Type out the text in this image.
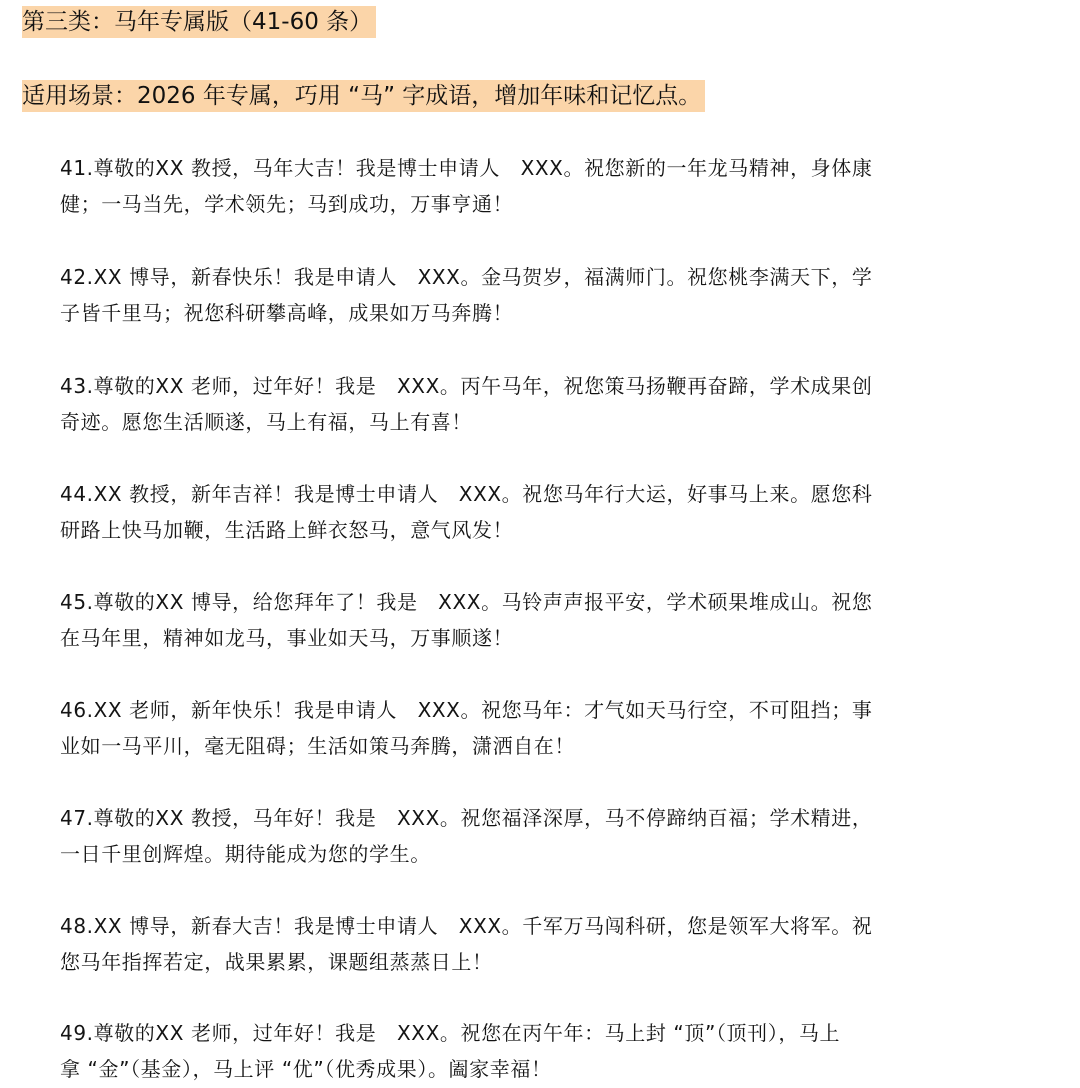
第三类：马年专属版（41-60 条）
适用场景：2026 年专属，巧用 “马” 字成语，增加年味和记忆点。
41.尊敬的XX 教授，马年大吉！我是博士申请人　XXX。祝您新的一年龙马精神，身体康
健；一马当先，学术领先；马到成功，万事亨通！
42.XX 博导，新春快乐！我是申请人　XXX。金马贺岁，福满师门。祝您桃李满天下，学
子皆千里马；祝您科研攀高峰，成果如万马奔腾！
43.尊敬的XX 老师，过年好！我是　XXX。丙午马年，祝您策马扬鞭再奋蹄，学术成果创
奇迹。愿您生活顺遂，马上有福，马上有喜！
44.XX 教授，新年吉祥！我是博士申请人　XXX。祝您马年行大运，好事马上来。愿您科
研路上快马加鞭，生活路上鲜衣怒马，意气风发！
45.尊敬的XX 博导，给您拜年了！我是　XXX。马铃声声报平安，学术硕果堆成山。祝您
在马年里，精神如龙马，事业如天马，万事顺遂！
46.XX 老师，新年快乐！我是申请人　XXX。祝您马年：才气如天马行空，不可阻挡；事
业如一马平川，毫无阻碍；生活如策马奔腾，潇洒自在！
47.尊敬的XX 教授，马年好！我是　XXX。祝您福泽深厚，马不停蹄纳百福；学术精进，
一日千里创辉煌。期待能成为您的学生。
48.XX 博导，新春大吉！我是博士申请人　XXX。千军万马闯科研，您是领军大将军。祝
您马年指挥若定，战果累累，课题组蒸蒸日上！
49.尊敬的XX 老师，过年好！我是　XXX。祝您在丙午年：马上封 “顶”（顶刊），马上
拿 “金”（基金），马上评 “优”（优秀成果）。阖家幸福！
